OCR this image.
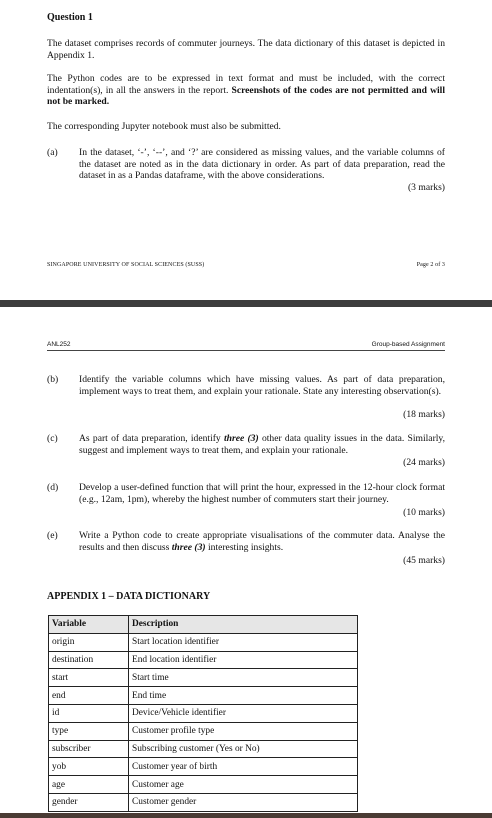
Question 1
The dataset comprises records of commuter journeys. The data dictionary of this dataset is depicted in Appendix 1.
The Python codes are to be expressed in text format and must be included, with the correct indentation(s), in all the answers in the report. Screenshots of the codes are not permitted and will not be marked.
The corresponding Jupyter notebook must also be submitted.
(a) In the dataset, ‘-’, ‘--’, and ‘?’ are considered as missing values, and the variable columns of the dataset are noted as in the data dictionary in order. As part of data preparation, read the dataset in as a Pandas dataframe, with the above considerations.
(3 marks)
SINGAPORE UNIVERSITY OF SOCIAL SCIENCES (SUSS)	Page 2 of 3
ANL252	Group-based Assignment
(b) Identify the variable columns which have missing values. As part of data preparation, implement ways to treat them, and explain your rationale. State any interesting observation(s).
(18 marks)
(c) As part of data preparation, identify three (3) other data quality issues in the data. Similarly, suggest and implement ways to treat them, and explain your rationale.
(24 marks)
(d) Develop a user-defined function that will print the hour, expressed in the 12-hour clock format (e.g., 12am, 1pm), whereby the highest number of commuters start their journey.
(10 marks)
(e) Write a Python code to create appropriate visualisations of the commuter data. Analyse the results and then discuss three (3) interesting insights.
(45 marks)
APPENDIX 1 – DATA DICTIONARY
Variable	Description
origin	Start location identifier
destination	End location identifier
start	Start time
end	End time
id	Device/Vehicle identifier
type	Customer profile type
subscriber	Subscribing customer (Yes or No)
yob	Customer year of birth
age	Customer age
gender	Customer gender
